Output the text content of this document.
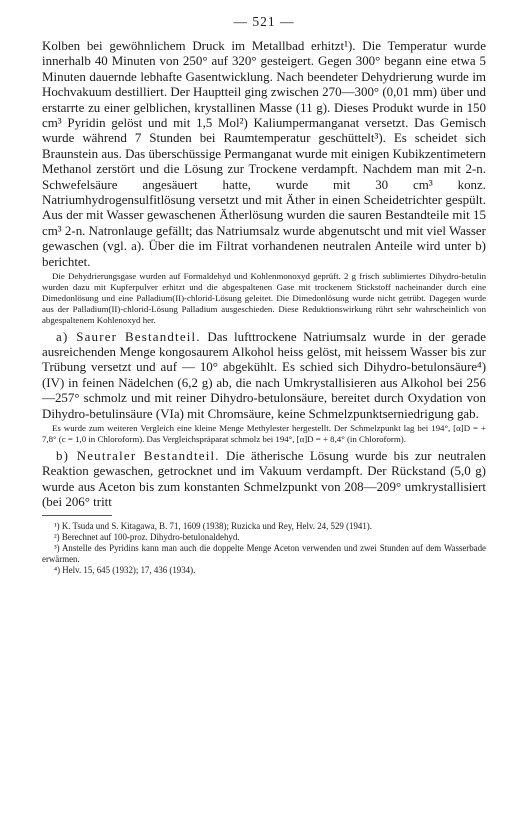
— 521 —

Kolben bei gewöhnlichem Druck im Metallbad erhitzt¹). Die Temperatur wurde innerhalb 40 Minuten von 250° auf 320° gesteigert. Gegen 300° begann eine etwa 5 Minuten dauernde lebhafte Gasentwicklung. Nach beendeter Dehydrierung wurde im Hochvakuum destilliert. Der Hauptteil ging zwischen 270—300° (0,01 mm) über und erstarrte zu einer gelblichen, krystallinen Masse (11 g). Dieses Produkt wurde in 150 cm³ Pyridin gelöst und mit 1,5 Mol²) Kaliumpermanganat versetzt. Das Gemisch wurde während 7 Stunden bei Raumtemperatur geschüttelt³). Es scheidet sich Braunstein aus. Das überschüssige Permanganat wurde mit einigen Kubikzentimetern Methanol zerstört und die Lösung zur Trockene verdampft. Nachdem man mit 2-n. Schwefelsäure angesäuert hatte, wurde mit 30 cm³ konz. Natriumhydrogensulfitlösung versetzt und mit Äther in einen Scheidetrichter gespült. Aus der mit Wasser gewaschenen Ätherlösung wurden die sauren Bestandteile mit 15 cm³ 2-n. Natronlauge gefällt; das Natriumsalz wurde abgenutscht und mit viel Wasser gewaschen (vgl. a). Über die im Filtrat vorhandenen neutralen Anteile wird unter b) berichtet.

Die Dehydrierungsgase wurden auf Formaldehyd und Kohlenmonoxyd geprüft. 2 g frisch sublimiertes Dihydro-betulin wurden dazu mit Kupferpulver erhitzt und die abgespaltenen Gase mit trockenem Stickstoff nacheinander durch eine Dimedonlösung und eine Palladium(II)-chlorid-Lösung geleitet. Die Dimedonlösung wurde nicht getrübt. Dagegen wurde aus der Palladium(II)-chlorid-Lösung Palladium ausgeschieden. Diese Reduktionswirkung rührt sehr wahrscheinlich von abgespaltenem Kohlenoxyd her.

a) Saurer Bestandteil. Das lufttrockene Natriumsalz wurde in der gerade ausreichenden Menge kongosaurem Alkohol heiss gelöst, mit heissem Wasser bis zur Trübung versetzt und auf — 10° abgekühlt. Es schied sich Dihydro-betulonsäure⁴) (IV) in feinen Nädelchen (6,2 g) ab, die nach Umkrystallisieren aus Alkohol bei 256—257° schmolz und mit reiner Dihydro-betulonsäure, bereitet durch Oxydation von Dihydro-betulinsäure (VIa) mit Chromsäure, keine Schmelzpunktserniedrigung gab.

Es wurde zum weiteren Vergleich eine kleine Menge Methylester hergestellt. Der Schmelzpunkt lag bei 194°, [α]D = + 7,8° (c = 1,0 in Chloroform). Das Vergleichspräparat schmolz bei 194°, [α]D = + 8,4° (in Chloroform).

b) Neutraler Bestandteil. Die ätherische Lösung wurde bis zur neutralen Reaktion gewaschen, getrocknet und im Vakuum verdampft. Der Rückstand (5,0 g) wurde aus Aceton bis zum konstanten Schmelzpunkt von 208—209° umkrystallisiert (bei 206° tritt

¹) K. Tsuda und S. Kitagawa, B. 71, 1609 (1938); Ruzicka und Rey, Helv. 24, 529 (1941).

²) Berechnet auf 100-proz. Dihydro-betulonaldehyd.

³) Anstelle des Pyridins kann man auch die doppelte Menge Aceton verwenden und zwei Stunden auf dem Wasserbade erwärmen.

⁴) Helv. 15, 645 (1932); 17, 436 (1934).
